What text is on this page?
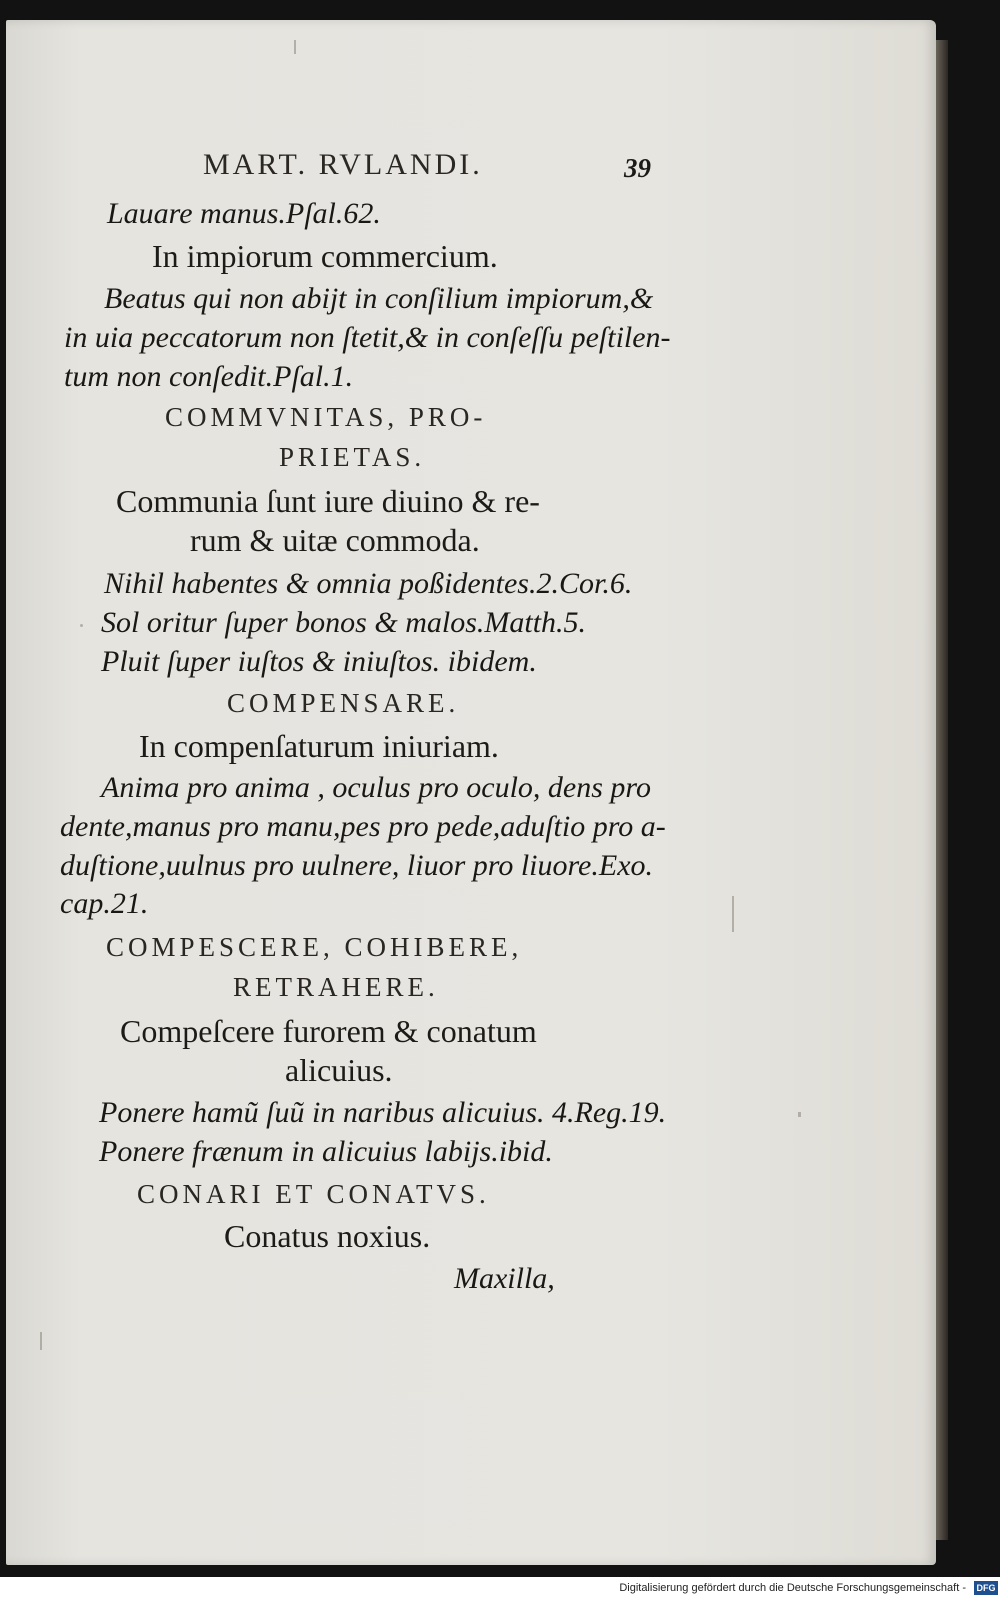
MART. RVLANDI.	39
Lauare manus.Pſal.62.
In impiorum commercium.
Beatus qui non abijt in conſilium impiorum,&
in uia peccatorum non ſtetit,& in conſeſſu peſtilen-
tum non conſedit.Pſal.1.
COMMVNITAS, PRO-
PRIETAS.
Communia ſunt iure diuino & re-
rum & uitæ commoda.
Nihil habentes & omnia poßidentes.2.Cor.6.
Sol oritur ſuper bonos & malos.Matth.5.
Pluit ſuper iuſtos & iniuſtos. ibidem.
COMPENSARE.
In compenſaturum iniuriam.
Anima pro anima , oculus pro oculo, dens pro
dente,manus pro manu,pes pro pede,aduſtio pro a-
duſtione,uulnus pro uulnere, liuor pro liuore.Exo.
cap.21.
COMPESCERE, COHIBERE,
RETRAHERE.
Compeſcere furorem & conatum
alicuius.
Ponere hamũ ſuũ in naribus alicuius. 4.Reg.19.
Ponere frænum in alicuius labijs.ibid.
CONARI ET CONATVS.
Conatus noxius.
Maxilla,
Digitalisierung gefördert durch die Deutsche Forschungsgemeinschaft - DFG
